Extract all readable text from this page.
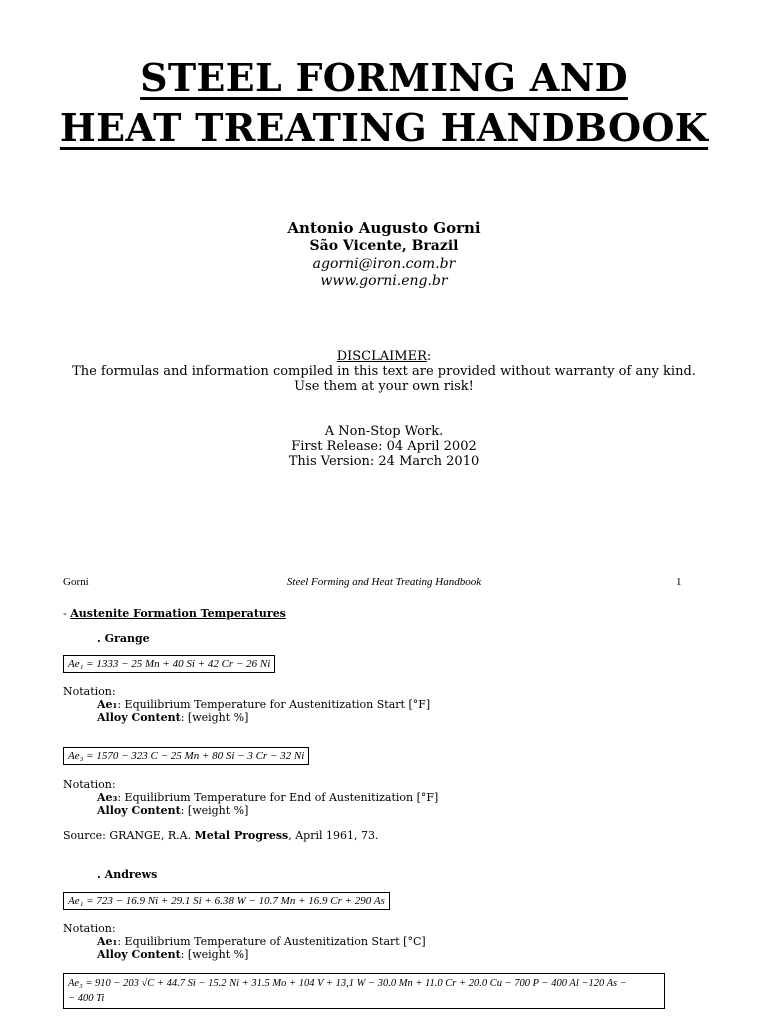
STEEL FORMING AND
HEAT TREATING HANDBOOK
Antonio Augusto Gorni
São Vicente, Brazil
agorni@iron.com.br
www.gorni.eng.br
DISCLAIMER:
The formulas and information compiled in this text are provided without warranty of any kind.
Use them at your own risk!
A Non-Stop Work.
First Release: 04 April 2002
This Version: 24 March 2010
Gorni	Steel Forming and Heat Treating Handbook	1
- Austenite Formation Temperatures
. Grange
Ae₁ = 1333 − 25 Mn + 40 Si + 42 Cr − 26 Ni
Notation:
Ae₁: Equilibrium Temperature for Austenitization Start [°F]
Alloy Content: [weight %]
Ae₃ = 1570 − 323 C − 25 Mn + 80 Si − 3 Cr − 32 Ni
Notation:
Ae₃: Equilibrium Temperature for End of Austenitization [°F]
Alloy Content: [weight %]
Source: GRANGE, R.A. Metal Progress, April 1961, 73.
. Andrews
Ae₁ = 723 − 16.9 Ni + 29.1 Si + 6.38 W − 10.7 Mn + 16.9 Cr + 290 As
Notation:
Ae₁: Equilibrium Temperature of Austenitization Start [°C]
Alloy Content: [weight %]
Ae₃ = 910 − 203 √C + 44.7 Si − 15.2 Ni + 31.5 Mo + 104 V + 13,1 W − 30.0 Mn + 11.0 Cr + 20.0 Cu − 700 P − 400 Al −120 As −
− 400 Ti
